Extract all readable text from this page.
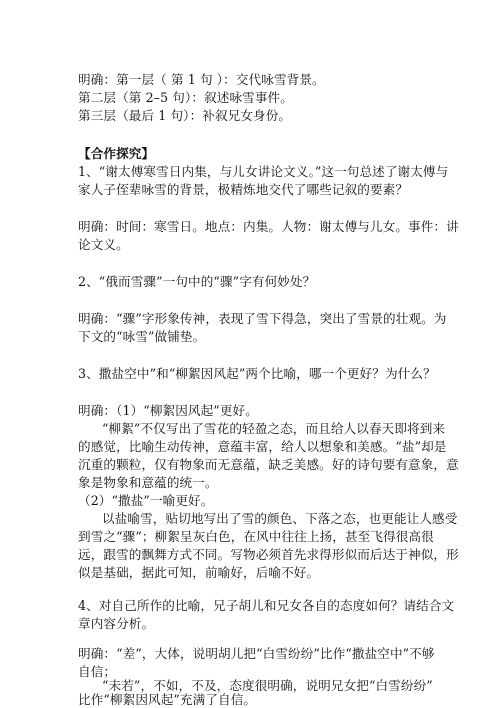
明确：第一层（ 第 1 句 ）：交代咏雪背景。
第二层（第 2–5 句）：叙述咏雪事件。
第三层（最后 1 句）：补叙兄女身份。
【合作探究】
1、“谢太傅寒雪日内集，与儿女讲论文义。”这一句总述了谢太傅与
家人子侄辈咏雪的背景，极精炼地交代了哪些记叙的要素？
明确：时间：寒雪日。地点：内集。人物：谢太傅与儿女。事件：讲
论文义。
2、“俄而雪骤”一句中的“骤”字有何妙处？
明确：“骤”字形象传神，表现了雪下得急，突出了雪景的壮观。为
下文的“咏雪”做铺垫。
3、撒盐空中”和“柳絮因风起”两个比喻，哪一个更好？为什么？
明确：（1）“柳絮因风起”更好。
“柳絮”不仅写出了雪花的轻盈之态，而且给人以春天即将到来
的感觉，比喻生动传神，意蕴丰富，给人以想象和美感。“盐”却是
沉重的颗粒，仅有物象而无意蕴，缺乏美感。好的诗句要有意象，意
象是物象和意蕴的统一。
（2）“撒盐”一喻更好。
以盐喻雪，贴切地写出了雪的颜色、下落之态，也更能让人感受
到雪之“骤”；柳絮呈灰白色，在风中往往上扬，甚至飞得很高很
远，跟雪的飘舞方式不同。写物必须首先求得形似而后达于神似，形
似是基础，据此可知，前喻好，后喻不好。
4、对自己所作的比喻，兄子胡儿和兄女各自的态度如何？请结合文
章内容分析。
明确：“差”，大体，说明胡儿把“白雪纷纷”比作“撒盐空中”不够
自信；
“未若”，不如，不及，态度很明确，说明兄女把“白雪纷纷”
比作“柳絮因风起”充满了自信。
